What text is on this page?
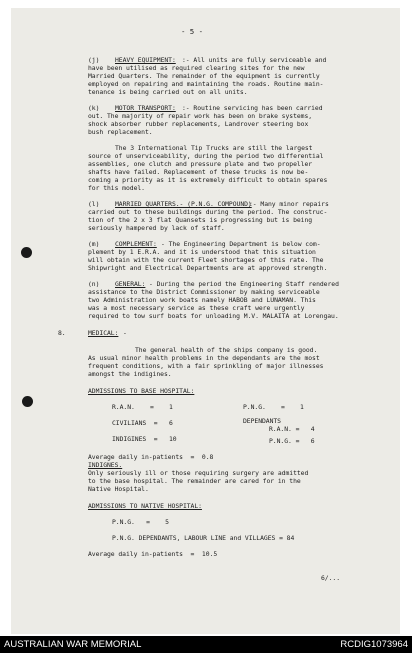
- 5 -
(j) HEAVY EQUIPMENT: :- All units are fully serviceable and
have been utilised as required clearing sites for the new
Married Quarters. The remainder of the equipment is currently
employed on repairing and maintaining the roads. Routine main-
tenance is being carried out on all units.
(k) MOTOR TRANSPORT: :- Routine servicing has been carried
out. The majority of repair work has been on brake systems,
shock absorber rubber replacements, Landrover steering box
bush replacement.
The 3 International Tip Trucks are still the largest
source of unserviceability, during the period two differential
assemblies, one clutch and pressure plate and two propeller
shafts have failed. Replacement of these trucks is now be-
coming a priority as it is extremely difficult to obtain spares
for this model.
(l) MARRIED QUARTERS.- (P.N.G. COMPOUND)
:- Many minor repairs
carried out to these buildings during the period. The construc-
tion of the 2 x 3 flat Quansets is progressing but is being
seriously hampered by lack of staff.
(m) COMPLEMENT: - The Engineering Department is below com-
plement by 1 E.R.A. and it is understood that this situation
will obtain with the current Fleet shortages of this rate. The
Shipwright and Electrical Departments are at approved strength.
(n) GENERAL: - During the period the Engineering Staff rendered
assistance to the District Commissioner by making serviceable
two Administration work boats namely HABOB and LUNAMAN. This
was a most necessary service as these craft were urgently
required to tow surf boats for unloading M.V. MALAITA at Lorengau.
8.	MEDICAL: -
The general health of the ships company is good.
As usual minor health problems in the dependants are the most
frequent conditions, with a fair sprinkling of major illnesses
amongst the indigines.
ADMISSIONS TO BASE HOSPITAL:
R.A.N.    =    1	P.N.G.    =    1
CIVILIANS  =   6	DEPENDANTS
R.A.N. =   4
INDIGINES  =   10	P.N.G. =   6
Average daily in-patients  =  0.8
INDIGNES.
Only seriously ill or those requiring surgery are admitted
to the base hospital. The remainder are cared for in the
Native Hospital.
ADMISSIONS TO NATIVE HOSPITAL:
P.N.G.   =    5
P.N.G. DEPENDANTS, LABOUR LINE and VILLAGES = 84
Average daily in-patients  =  10.5
6/...
AUSTRALIAN WAR MEMORIAL	RCDIG1073964
